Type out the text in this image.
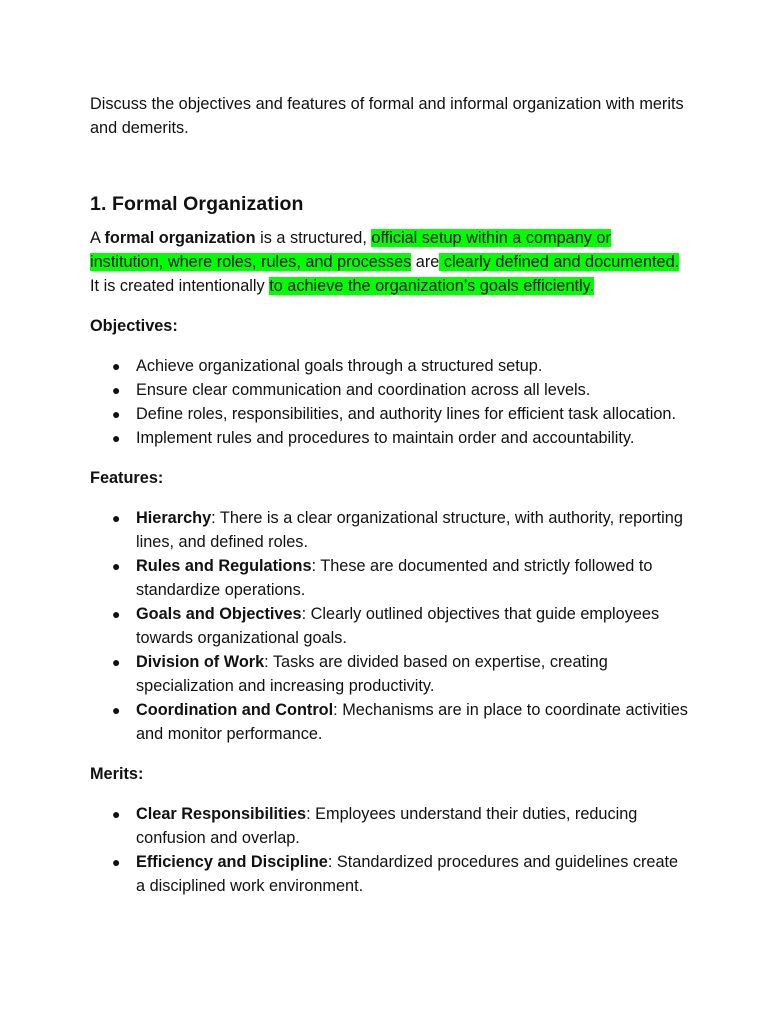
Discuss the objectives and features of formal and informal organization with merits and demerits.

1. Formal Organization

A formal organization is a structured, official setup within a company or institution, where roles, rules, and processes are clearly defined and documented. It is created intentionally to achieve the organization’s goals efficiently.

Objectives:

● Achieve organizational goals through a structured setup.
● Ensure clear communication and coordination across all levels.
● Define roles, responsibilities, and authority lines for efficient task allocation.
● Implement rules and procedures to maintain order and accountability.

Features:

● Hierarchy: There is a clear organizational structure, with authority, reporting lines, and defined roles.
● Rules and Regulations: These are documented and strictly followed to standardize operations.
● Goals and Objectives: Clearly outlined objectives that guide employees towards organizational goals.
● Division of Work: Tasks are divided based on expertise, creating specialization and increasing productivity.
● Coordination and Control: Mechanisms are in place to coordinate activities and monitor performance.

Merits:

● Clear Responsibilities: Employees understand their duties, reducing confusion and overlap.
● Efficiency and Discipline: Standardized procedures and guidelines create a disciplined work environment.
